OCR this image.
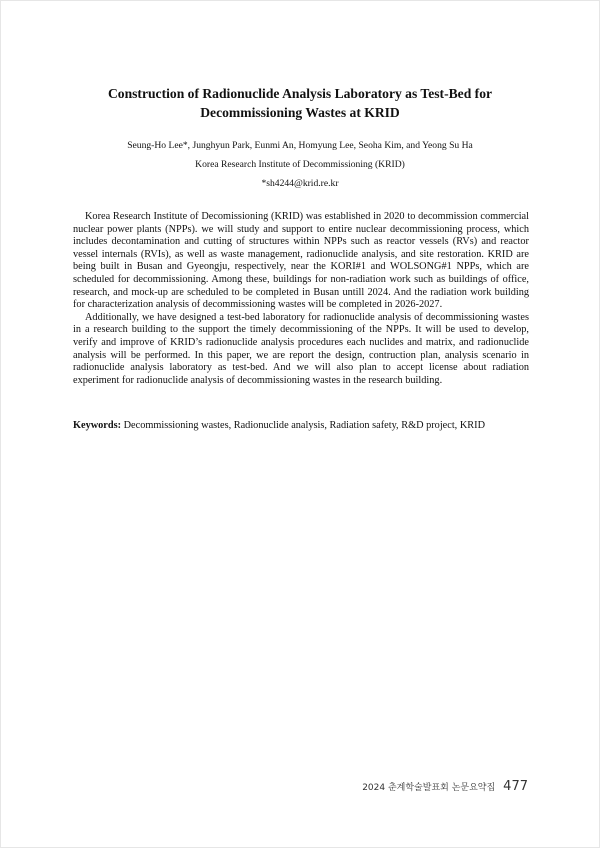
Construction of Radionuclide Analysis Laboratory as Test-Bed for
Decommissioning Wastes at KRID
Seung-Ho Lee*, Junghyun Park, Eunmi An, Homyung Lee, Seoha Kim, and Yeong Su Ha
Korea Research Institute of Decommissioning (KRID)
*sh4244@krid.re.kr

Korea Research Institute of Decomissioning (KRID) was established in 2020 to decommission commercial nuclear power plants (NPPs). we will study and support to entire nuclear decommissioning process, which includes decontamination and cutting of structures within NPPs such as reactor vessels (RVs) and reactor vessel internals (RVIs), as well as waste management, radionuclide analysis, and site restoration. KRID are being built in Busan and Gyeongju, respectively, near the KORI#1 and WOLSONG#1 NPPs, which are scheduled for decommissioning. Among these, buildings for non-radiation work such as buildings of office, research, and mock-up are scheduled to be completed in Busan untill 2024. And the radiation work building for characterization analysis of decommissioning wastes will be completed in 2026-2027.

Additionally, we have designed a test-bed laboratory for radionuclide analysis of decommissioning wastes in a research building to the support the timely decommissioning of the NPPs. It will be used to develop, verify and improve of KRID’s radionuclide analysis procedures each nuclides and matrix, and radionuclide analysis will be performed. In this paper, we are report the design, contruction plan, analysis scenario in radionuclide analysis laboratory as test-bed. And we will also plan to accept license about radiation experiment for radionuclide analysis of decommissioning wastes in the research building.

Keywords: Decommissioning wastes, Radionuclide analysis, Radiation safety, R&D project, KRID
2024 춘계학술발표회 논문요약집 477
